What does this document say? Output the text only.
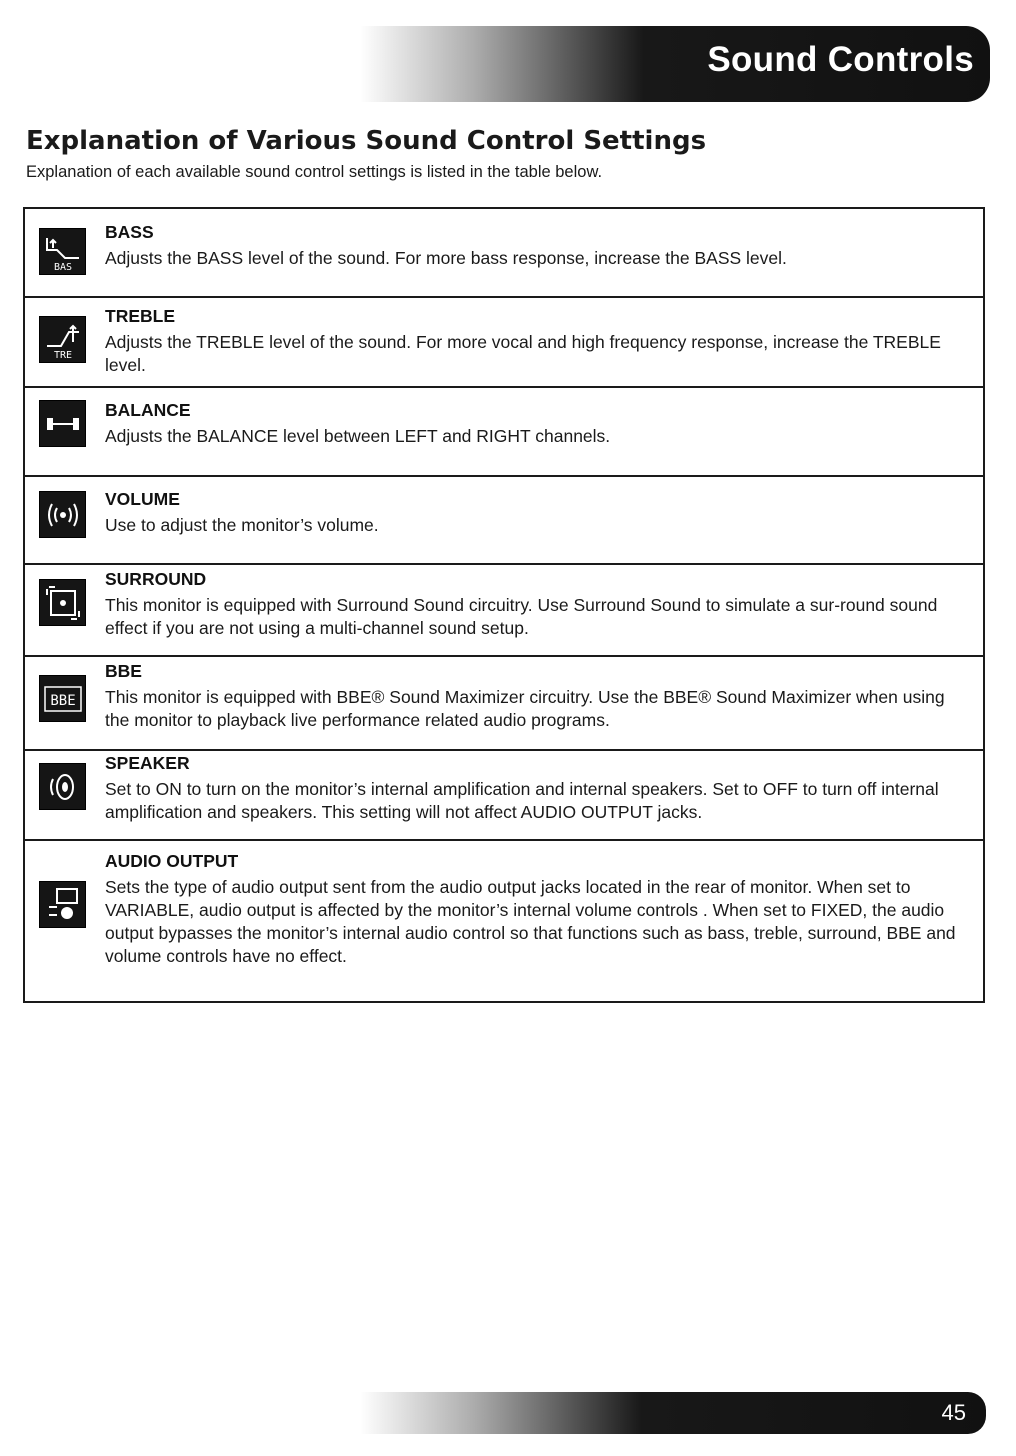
Sound Controls
Explanation of Various Sound Control Settings

Explanation of each available sound control settings is listed in the table below.

BAS

BASS

Adjusts the BASS level of the sound. For more bass response, increase the BASS level.

TRE

TREBLE

Adjusts the TREBLE level of the sound. For more vocal and high frequency response, increase the TREBLE level.

BALANCE

Adjusts the BALANCE level between LEFT and RIGHT channels.

VOLUME

Use to adjust the monitor’s volume.

SURROUND

This monitor is equipped with Surround Sound circuitry. Use Surround Sound to simulate a sur-round sound effect if you are not using a multi-channel sound setup.

BBE

BBE

This monitor is equipped with BBE® Sound Maximizer circuitry. Use the BBE® Sound Maximizer when using the monitor to playback live performance related audio programs.

SPEAKER

Set to ON to turn on the monitor’s internal amplification and internal speakers. Set to OFF to turn off internal amplification and speakers. This setting will not affect AUDIO OUTPUT jacks.

AUDIO OUTPUT

Sets the type of audio output sent from the audio output jacks located in the rear of monitor. When set to VARIABLE, audio output is affected by the monitor’s internal volume controls . When set to FIXED, the audio output bypasses the monitor’s internal audio control so that functions such as bass, treble, surround, BBE and volume controls have no effect.

45
